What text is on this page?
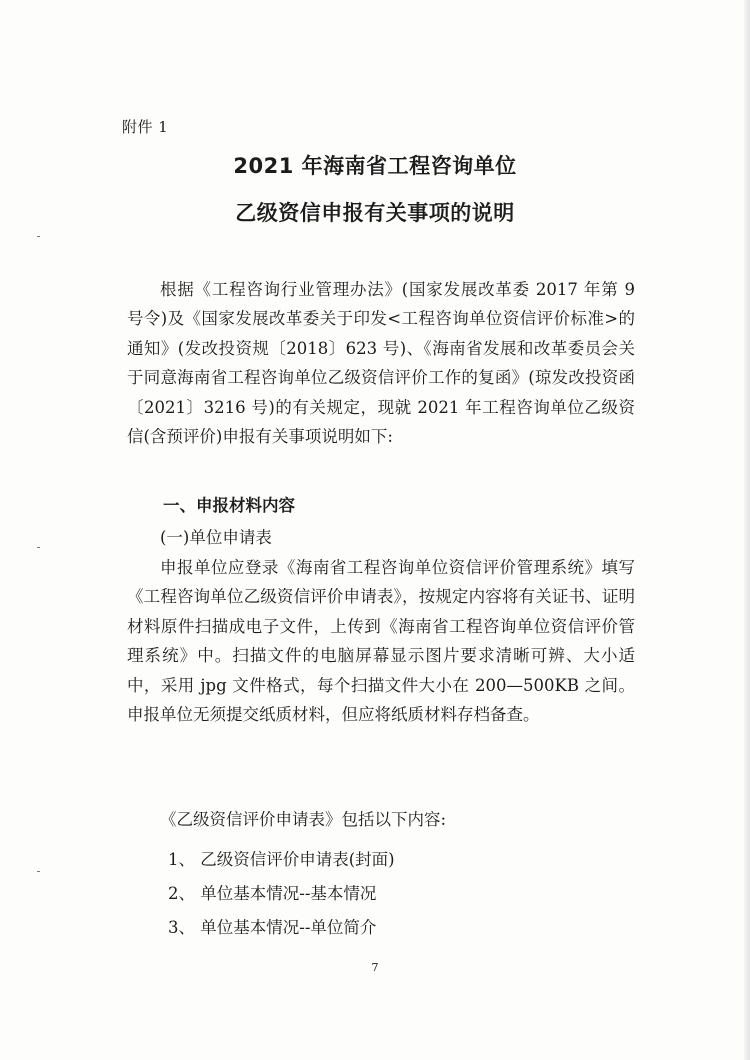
附件 1
2021 年海南省工程咨询单位
乙级资信申报有关事项的说明

根据《工程咨询行业管理办法》(国家发展改革委 2017 年第 9 号令)及《国家发展改革委关于印发<工程咨询单位资信评价标准>的通知》(发改投资规〔2018〕623 号)、《海南省发展和改革委员会关于同意海南省工程咨询单位乙级资信评价工作的复函》(琼发改投资函 〔2021〕3216 号)的有关规定，现就 2021 年工程咨询单位乙级资信(含预评价)申报有关事项说明如下:

一、申报材料内容
(一)单位申请表

申报单位应登录《海南省工程咨询单位资信评价管理系统》填写《工程咨询单位乙级资信评价申请表》，按规定内容将有关证书、证明材料原件扫描成电子文件，上传到《海南省工程咨询单位资信评价管理系统》中。扫描文件的电脑屏幕显示图片要求清晰可辨、大小适中，采用 jpg 文件格式，每个扫描文件大小在 200—500KB 之间。申报单位无须提交纸质材料，但应将纸质材料存档备查。

《乙级资信评价申请表》包括以下内容:
1、 乙级资信评价申请表(封面)
2、 单位基本情况--基本情况
3、 单位基本情况--单位简介
7
